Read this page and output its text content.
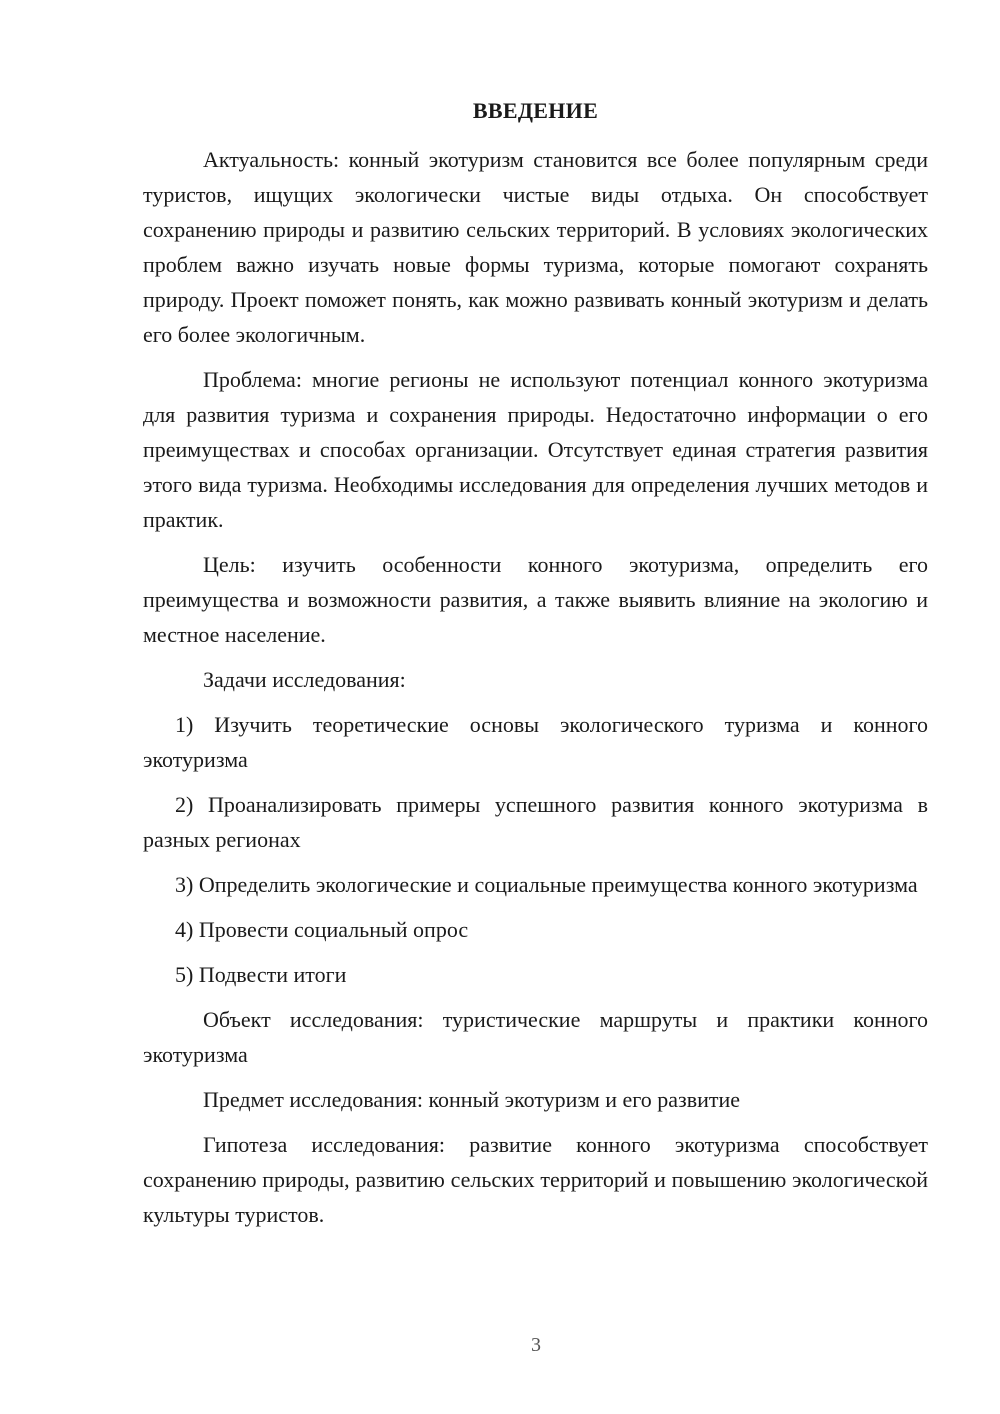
ВВЕДЕНИЕ

Актуальность: конный экотуризм становится все более популярным среди туристов, ищущих экологически чистые виды отдыха. Он способствует сохранению природы и развитию сельских территорий. В условиях экологических проблем важно изучать новые формы туризма, которые помогают сохранять природу. Проект поможет понять, как можно развивать конный экотуризм и делать его более экологичным.

Проблема: многие регионы не используют потенциал конного экотуризма для развития туризма и сохранения природы. Недостаточно информации о его преимуществах и способах организации. Отсутствует единая стратегия развития этого вида туризма. Необходимы исследования для определения лучших методов и практик.

Цель: изучить особенности конного экотуризма, определить его преимущества и возможности развития, а также выявить влияние на экологию и местное население.

Задачи исследования:

1) Изучить теоретические основы экологического туризма и конного экотуризма

2) Проанализировать примеры успешного развития конного экотуризма в разных регионах

3) Определить экологические и социальные преимущества конного экотуризма

4) Провести социальный опрос

5) Подвести итоги

Объект исследования: туристические маршруты и практики конного экотуризма

Предмет исследования: конный экотуризм и его развитие

Гипотеза исследования: развитие конного экотуризма способствует сохранению природы, развитию сельских территорий и повышению экологической культуры туристов.

3
